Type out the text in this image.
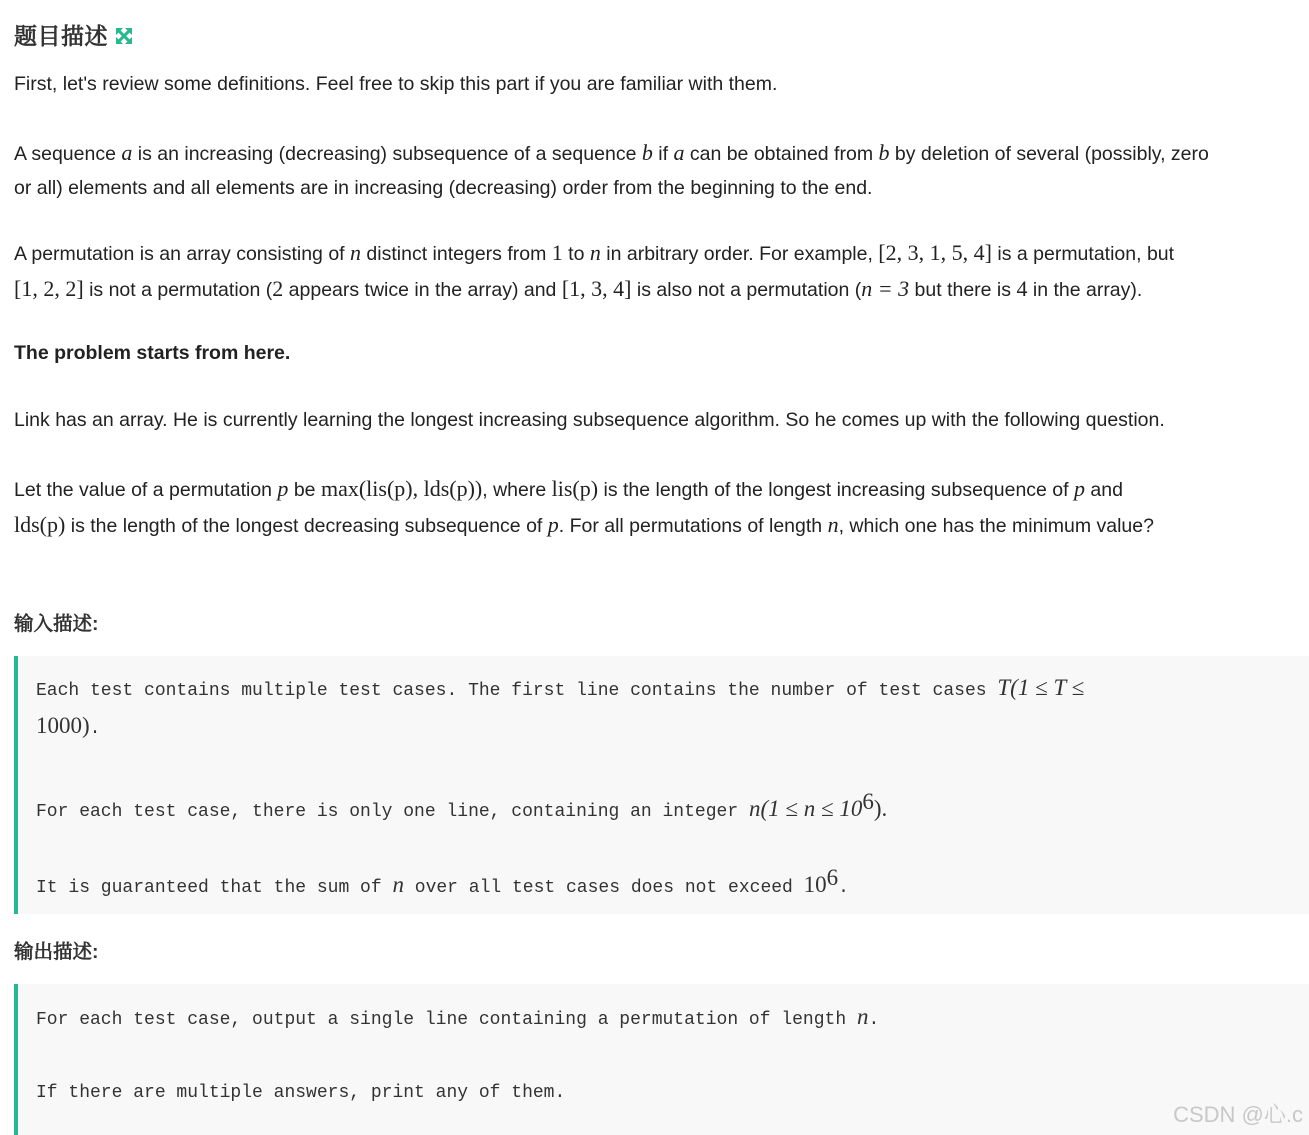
题目描述

First, let's review some definitions. Feel free to skip this part if you are familiar with them.

A sequence a is an increasing (decreasing) subsequence of a sequence b if a can be obtained from b by deletion of several (possibly, zero
or all) elements and all elements are in increasing (decreasing) order from the beginning to the end.

A permutation is an array consisting of n distinct integers from 1 to n in arbitrary order. For example, [2, 3, 1, 5, 4] is a permutation, but
[1, 2, 2] is not a permutation (2 appears twice in the array) and [1, 3, 4] is also not a permutation (n = 3 but there is 4 in the array).

The problem starts from here.

Link has an array. He is currently learning the longest increasing subsequence algorithm. So he comes up with the following question.

Let the value of a permutation p be max(lis(p), lds(p)), where lis(p) is the length of the longest increasing subsequence of p and
lds(p) is the length of the longest decreasing subsequence of p. For all permutations of length n, which one has the minimum value?

输入描述:

Each test contains multiple test cases. The first line contains the number of test cases T(1 ≤ T ≤

1000).

For each test case, there is only one line, containing an integer $n(1 \le n \le 10^6)$.

It is guaranteed that the sum of n over all test cases does not exceed $10^6$.

输出描述:

For each test case, output a single line containing a permutation of length n.

If there are multiple answers, print any of them.

CSDN @心.c
